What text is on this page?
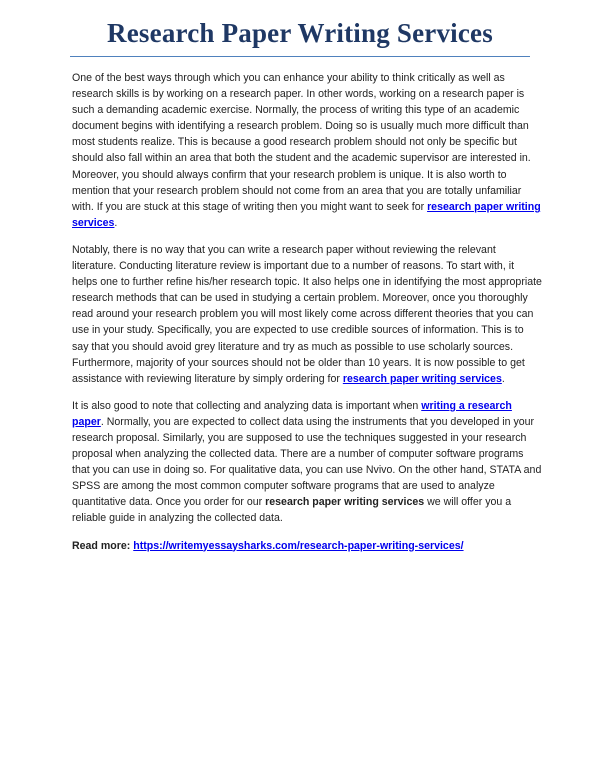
Research Paper Writing Services

One of the best ways through which you can enhance your ability to think critically as well as research skills is by working on a research paper. In other words, working on a research paper is such a demanding academic exercise. Normally, the process of writing this type of an academic document begins with identifying a research problem. Doing so is usually much more difficult than most students realize. This is because a good research problem should not only be specific but should also fall within an area that both the student and the academic supervisor are interested in. Moreover, you should always confirm that your research problem is unique. It is also worth to mention that your research problem should not come from an area that you are totally unfamiliar with. If you are stuck at this stage of writing then you might want to seek for research paper writing services.

Notably, there is no way that you can write a research paper without reviewing the relevant literature. Conducting literature review is important due to a number of reasons. To start with, it helps one to further refine his/her research topic. It also helps one in identifying the most appropriate research methods that can be used in studying a certain problem. Moreover, once you thoroughly read around your research problem you will most likely come across different theories that you can use in your study. Specifically, you are expected to use credible sources of information. This is to say that you should avoid grey literature and try as much as possible to use scholarly sources. Furthermore, majority of your sources should not be older than 10 years. It is now possible to get assistance with reviewing literature by simply ordering for research paper writing services.

It is also good to note that collecting and analyzing data is important when writing a research paper. Normally, you are expected to collect data using the instruments that you developed in your research proposal. Similarly, you are supposed to use the techniques suggested in your research proposal when analyzing the collected data. There are a number of computer software programs that you can use in doing so. For qualitative data, you can use Nvivo. On the other hand, STATA and SPSS are among the most common computer software programs that are used to analyze quantitative data. Once you order for our research paper writing services we will offer you a reliable guide in analyzing the collected data.

Read more: https://writemyessaysharks.com/research-paper-writing-services/
